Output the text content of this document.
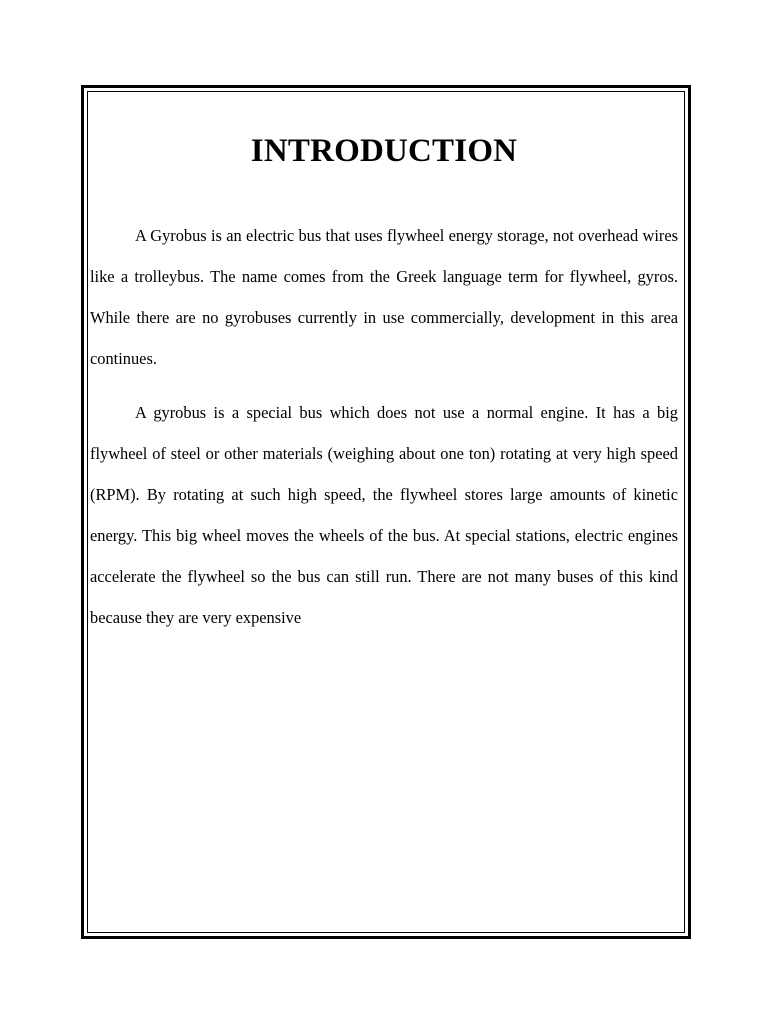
INTRODUCTION

A Gyrobus is an electric bus that uses flywheel energy storage, not overhead wires like a trolleybus. The name comes from the Greek language term for flywheel, gyros. While there are no gyrobuses currently in use commercially, development in this area continues.

A gyrobus is a special bus which does not use a normal engine. It has a big flywheel of steel or other materials (weighing about one ton) rotating at very high speed (RPM). By rotating at such high speed, the flywheel stores large amounts of kinetic energy. This big wheel moves the wheels of the bus. At special stations, electric engines accelerate the flywheel so the bus can still run. There are not many buses of this kind because they are very expensive
